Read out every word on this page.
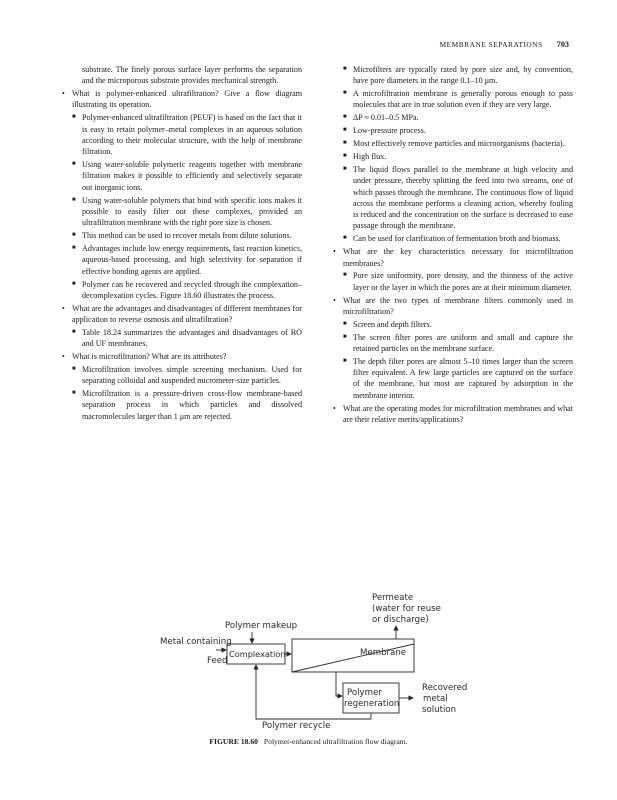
MEMBRANE SEPARATIONS 703

substrate. The finely porous surface layer performs the separation and the microporous substrate provides mechanical strength.

• What is polymer-enhanced ultrafiltration? Give a flow diagram illustrating its operation.
■ Polymer-enhanced ultrafiltration (PEUF) is based on the fact that it is easy to retain polymer–metal complexes in an aqueous solution according to their molecular structure, with the help of membrane filtration.
■ Using water-soluble polymeric reagents together with membrane filtration makes it possible to efficiently and selectively separate out inorganic ions.
■ Using water-soluble polymers that bind with specific ions makes it possible to easily filter out these complexes, provided an ultrafiltration membrane with the right pore size is chosen.
■ This method can be used to recover metals from dilute solutions.
■ Advantages include low energy requirements, fast reaction kinetics, aqueous-based processing, and high selectivity for separation if effective bonding agents are applied.
■ Polymer can be recovered and recycled through the complexation–decomplexation cycles. Figure 18.60 illustrates the process.
• What are the advantages and disadvantages of different membranes for application to reverse osmosis and ultrafiltration?
■ Table 18.24 summarizes the advantages and disadvantages of RO and UF membranes.
• What is microfiltration? What are its attributes?
■ Microfiltration involves simple screening mechanism. Used for separating colloidal and suspended micrometer-size particles.
■ Microfiltration is a pressure-driven cross-flow membrane-based separation process in which particles and dissolved macromolecules larger than 1 μm are rejected.
■ Microfilters are typically rated by pore size and, by convention, have pore diameters in the range 0.1–10 μm.
■ A microfiltration membrane is generally porous enough to pass molecules that are in true solution even if they are very large.
■ ΔP ≈ 0.01–0.5 MPa.
■ Low-pressure process.
■ Most effectively remove particles and microorganisms (bacteria).
■ High flux.
■ The liquid flows parallel to the membrane at high velocity and under pressure, thereby splitting the feed into two streams, one of which passes through the membrane. The continuous flow of liquid across the membrane performs a cleaning action, whereby fouling is reduced and the concentration on the surface is decreased to ease passage through the membrane.
■ Can be used for clarification of fermentation broth and biomass.
• What are the key characteristics necessary for microfiltration membranes?
■ Pore size uniformity, pore density, and the thinness of the active layer or the layer in which the pores are at their minimum diameter.
• What are the two types of membrane filters commonly used in microfiltration?
■ Screen and depth filters.
■ The screen filter pores are uniform and small and capture the retained particles on the membrane surface.
■ The depth filter pores are almost 5–10 times larger than the screen filter equivalent. A few large particles are captured on the surface of the membrane, but most are captured by adsorption in the membrane interior.
• What are the operating modes for microfiltration membranes and what are their relative merits/applications?
Permeate
(water for reuse
or discharge)
Polymer makeup
Metal containing
Feed
Complexation	Membrane
Polymer
regeneration
Recovered
metal
solution
Polymer recycle
FIGURE 18.60 Polymer-enhanced ultrafiltration flow diagram.
